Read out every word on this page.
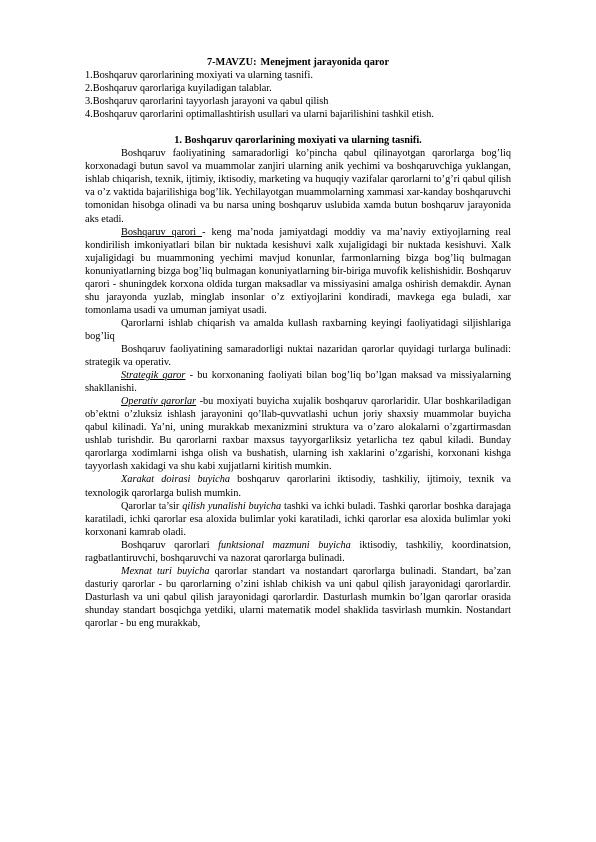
7-MAVZU: Menejment jarayonida qaror
1.Boshqaruv qarorlarining moxiyati va ularning tasnifi.
2.Boshqaruv qarorlariga kuyiladigan talablar.
3.Boshqaruv qarorlarini tayyorlash jarayoni va qabul qilish
4.Boshqaruv qarorlarini optimallashtirish usullari va ularni bajarilishini tashkil etish.
1. Boshqaruv qarorlarining moxiyati va ularning tasnifi.

Boshqaruv faoliyatining samaradorligi ko’pincha qabul qilinayotgan qarorlarga bog’liq korxonadagi butun savol va muammolar zanjiri ularning anik yechimi va boshqaruvchiga yuklangan, ishlab chiqarish, texnik, ijtimiy, iktisodiy, marketing va huquqiy vazifalar qarorlarni to’g’ri qabul qilish va o’z vaktida bajarilishiga bog’lik. Yechilayotgan muammolarning xammasi xar-kanday boshqaruvchi tomonidan hisobga olinadi va bu narsa uning boshqaruv uslubida xamda butun boshqaruv jarayonida aks etadi.

Boshqaruv qarori - keng ma’noda jamiyatdagi moddiy va ma’naviy extiyojlarning real kondirilish imkoniyatlari bilan bir nuktada kesishuvi xalk xujaligidagi bir nuktada kesishuvi. Xalk xujaligidagi bu muammoning yechimi mavjud konunlar, farmonlarning bizga bog’liq bulmagan konuniyatlarning bizga bog’liq bulmagan konuniyatlarning bir-biriga muvofik kelishishidir. Boshqaruv qarori - shuningdek korxona oldida turgan maksadlar va missiyasini amalga oshirish demakdir. Aynan shu jarayonda yuzlab, minglab insonlar o’z extiyojlarini kondiradi, mavkega ega buladi, xar tomonlama usadi va umuman jamiyat usadi.

Qarorlarni ishlab chiqarish va amalda kullash raxbarning keyingi faoliyatidagi siljishlariga bog’liq

Boshqaruv faoliyatining samaradorligi nuktai nazaridan qarorlar quyidagi turlarga bulinadi: strategik va operativ.

Strategik qaror - bu korxonaning faoliyati bilan bog’liq bo’lgan maksad va missiyalarning shakllanishi.

Operativ qarorlar -bu moxiyati buyicha xujalik boshqaruv qarorlaridir. Ular boshkariladigan ob’ektni o’zluksiz ishlash jarayonini qo’llab-quvvatlashi uchun joriy shaxsiy muammolar buyicha qabul kilinadi. Ya’ni, uning murakkab mexanizmini struktura va o’zaro alokalarni o’zgartirmasdan ushlab turishdir. Bu qarorlarni raxbar maxsus tayyorgarliksiz yetarlicha tez qabul kiladi. Bunday qarorlarga xodimlarni ishga olish va bushatish, ularning ish xaklarini o’zgarishi, korxonani kishga tayyorlash xakidagi va shu kabi xujjatlarni kiritish mumkin.

Xarakat doirasi buyicha boshqaruv qarorlarini iktisodiy, tashkiliy, ijtimoiy, texnik va texnologik qarorlarga bulish mumkin.

Qarorlar ta’sir qilish yunalishi buyicha tashki va ichki buladi. Tashki qarorlar boshka darajaga karatiladi, ichki qarorlar esa aloxida bulimlar yoki karatiladi, ichki qarorlar esa aloxida bulimlar yoki korxonani kamrab oladi.

Boshqaruv qarorlari funktsional mazmuni buyicha iktisodiy, tashkiliy, koordinatsion, ragbatlantiruvchi, boshqaruvchi va nazorat qarorlarga bulinadi.

Mexnat turi buyicha qarorlar standart va nostandart qarorlarga bulinadi. Standart, ba’zan dasturiy qarorlar - bu qarorlarning o’zini ishlab chikish va uni qabul qilish jarayonidagi qarorlardir. Dasturlash va uni qabul qilish jarayonidagi qarorlardir. Dasturlash mumkin bo’lgan qarorlar orasida shunday standart bosqichga yetdiki, ularni matematik model shaklida tasvirlash mumkin. Nostandart qarorlar - bu eng murakkab,
